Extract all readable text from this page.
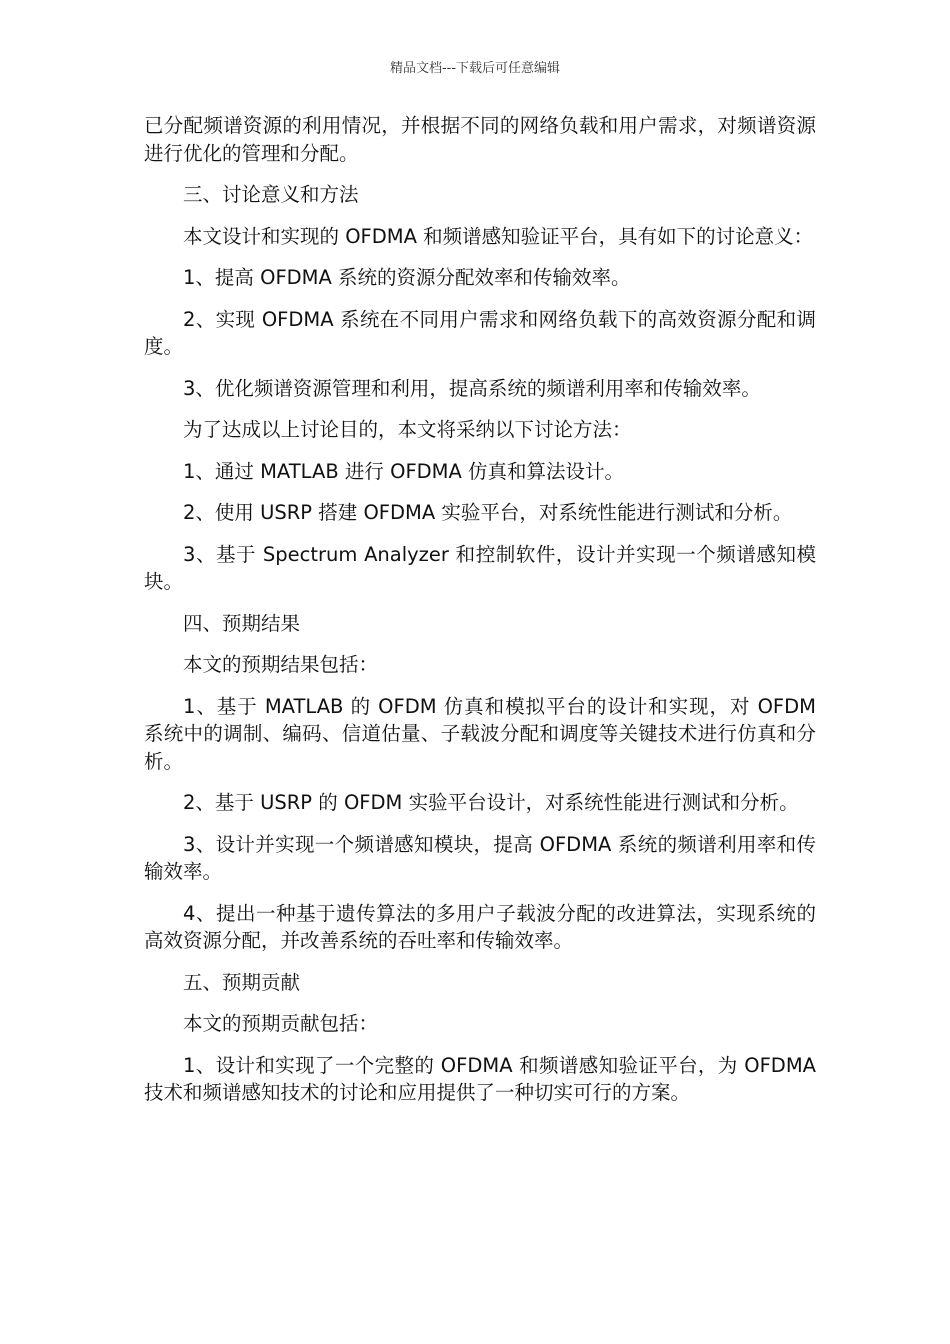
精品文档---下载后可任意编辑

已分配频谱资源的利用情况，并根据不同的网络负载和用户需求，对频谱资源进行优化的管理和分配。

三、讨论意义和方法

本文设计和实现的 OFDMA 和频谱感知验证平台，具有如下的讨论意义：

1、提高 OFDMA 系统的资源分配效率和传输效率。

2、实现 OFDMA 系统在不同用户需求和网络负载下的高效资源分配和调度。

3、优化频谱资源管理和利用，提高系统的频谱利用率和传输效率。

为了达成以上讨论目的，本文将采纳以下讨论方法：

1、通过 MATLAB 进行 OFDMA 仿真和算法设计。

2、使用 USRP 搭建 OFDMA 实验平台，对系统性能进行测试和分析。

3、基于 Spectrum Analyzer 和控制软件，设计并实现一个频谱感知模块。

四、预期结果

本文的预期结果包括：

1、基于 MATLAB 的 OFDM 仿真和模拟平台的设计和实现，对 OFDM 系统中的调制、编码、信道估量、子载波分配和调度等关键技术进行仿真和分析。

2、基于 USRP 的 OFDM 实验平台设计，对系统性能进行测试和分析。

3、设计并实现一个频谱感知模块，提高 OFDMA 系统的频谱利用率和传输效率。

4、提出一种基于遗传算法的多用户子载波分配的改进算法，实现系统的高效资源分配，并改善系统的吞吐率和传输效率。

五、预期贡献

本文的预期贡献包括：

1、设计和实现了一个完整的 OFDMA 和频谱感知验证平台，为 OFDMA 技术和频谱感知技术的讨论和应用提供了一种切实可行的方案。
